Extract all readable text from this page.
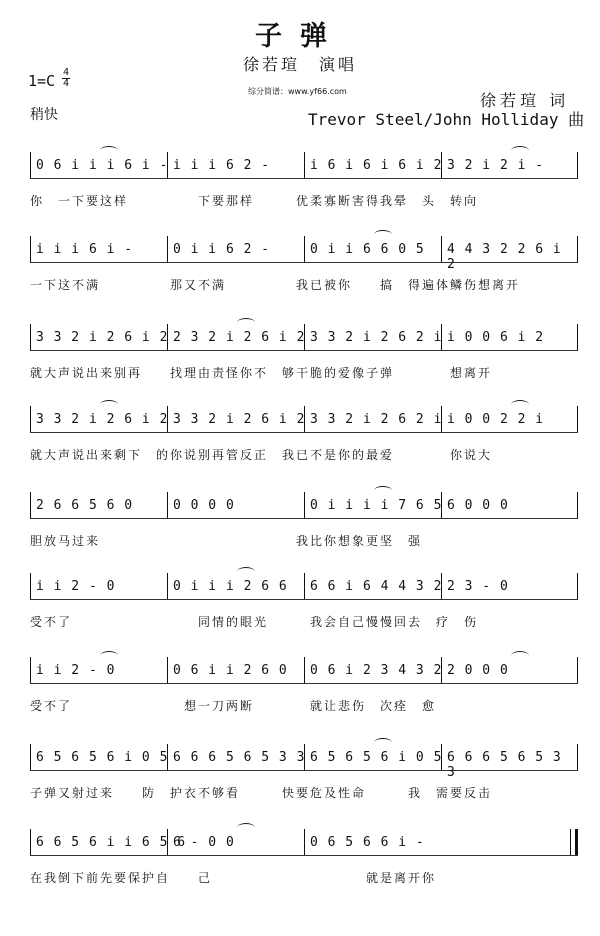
子弹
徐若瑄　演唱
综分简谱：www.yf66.com
1=C 4
4
稍快
徐若瑄 词
Trevor Steel/John Holliday 曲
0 6 i i i 6 i - i i i 6 2 -	i 6 i 6 i 6 i 2 3 2 i 2 i -
你　一下要这样　　　　　下要那样　　　优柔寡断害得我晕　头　转向
i i i 6 i -	0 i i 6 2 -	0 i i 6 6 0 5 4 4 3 2 2 6 i 2
一下这不满　　　　　那又不满　　　　　我已被你　　搞　得遍体鳞伤想离开
3 3 2 i 2 6 i 2 2 3 2 i 2 6 i 2 3 3 2 i 2 6 2 i i 0 0 6 i 2
就大声说出来别再　　找理由责怪你不　够干脆的爱像子弹　　　　想离开
3 3 2 i 2 6 i 2 3 3 2 i 2 6 i 2 3 3 2 i 2 6 2 i i 0 0 2 2 i
就大声说出来剩下　的你说别再管反正　我已不是你的最爱　　　　你说大
2 6 6 5 6 0	0 0 0 0	0 i i i i 7 6 5 6 0 0 0
胆放马过来　　　　　　　　　　　　　　我比你想象更坚　强
i i 2 - 0	0 i i i 2 6 6 6 6 i 6 4 4 3 2 2 3 - 0
受不了　　　　　　　　　同情的眼光　　　我会自己慢慢回去　疗　伤
i i 2 - 0	0 6 i i 2 6 0 0 6 i 2 3 4 3 2 2 0 0 0
受不了　　　　　　　　想一刀两断　　　　就让悲伤　次痊　愈
6 5 6 5 6 i 0 5 6 6 6 5 6 5 3 3 6 5 6 5 6 i 0 5 6 6 6 5 6 5 3 3
子弹又射过来　　防　护衣不够看　　　快要危及性命　　　我　需要反击
6 6 5 6 i i 6 5 6
6 - 0 0	0 6 5 6 6 i -
在我倒下前先要保护自　　己　　　　　　　　　　　就是离开你
